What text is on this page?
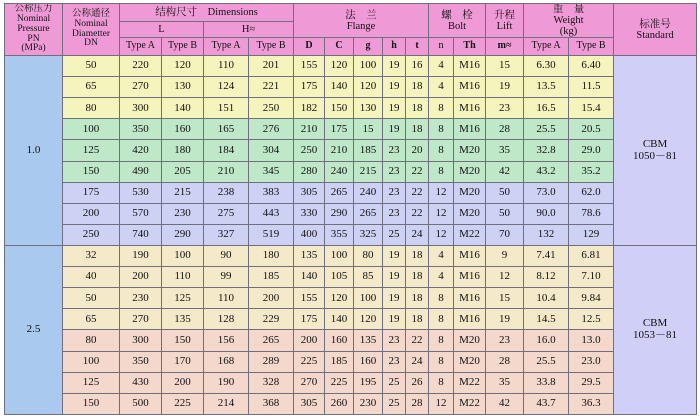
公称压力
Nominal
Pressure
PN
(MPa)	公称通径
Nominal
Diametter
DN	结构尺寸　Dimensions				法　兰
Flange					螺　栓
Bolt		升程
Lift	重　量
Weight
(kg)		标准号
Standard
		L		H≈												
		Type A	Type B	Type A	Type B	D	C	g	h	t	n	Th	m≈	Type A	Type B	
1.0	50	220	120	110	201	155	120	100	19	16	4	M16	15	6.30	6.40	CBM
1050－81
	65	270	130	124	221	175	140	120	19	18	4	M16	19	13.5	11.5	
	80	300	140	151	250	182	150	130	19	18	8	M16	23	16.5	15.4	
	100	350	160	165	276	210	175	15	19	18	8	M16	28	25.5	20.5	
	125	420	180	184	304	250	210	185	23	20	8	M20	35	32.8	29.0	
	150	490	205	210	345	280	240	215	23	22	8	M20	42	43.2	35.2	
	175	530	215	238	383	305	265	240	23	22	12	M20	50	73.0	62.0	
	200	570	230	275	443	330	290	265	23	22	12	M20	50	90.0	78.6	
	250	740	290	327	519	400	355	325	25	24	12	M22	70	132	129	
2.5	32	190	100	90	180	135	100	80	19	18	4	M16	9	7.41	6.81	CBM
1053－81
	40	200	110	99	185	140	105	85	19	18	4	M16	12	8.12	7.10	
	50	230	125	110	200	155	120	100	19	18	8	M16	15	10.4	9.84	
	65	270	135	128	229	175	140	120	19	18	8	M16	19	14.5	12.5	
	80	300	150	156	265	200	160	135	23	22	8	M20	23	16.0	13.0	
	100	350	170	168	289	225	185	160	23	24	8	M20	28	25.5	23.0	
	125	430	200	190	328	270	225	195	25	26	8	M22	35	33.8	29.5	
	150	500	225	214	368	305	260	230	25	28	12	M22	42	43.7	36.3	
